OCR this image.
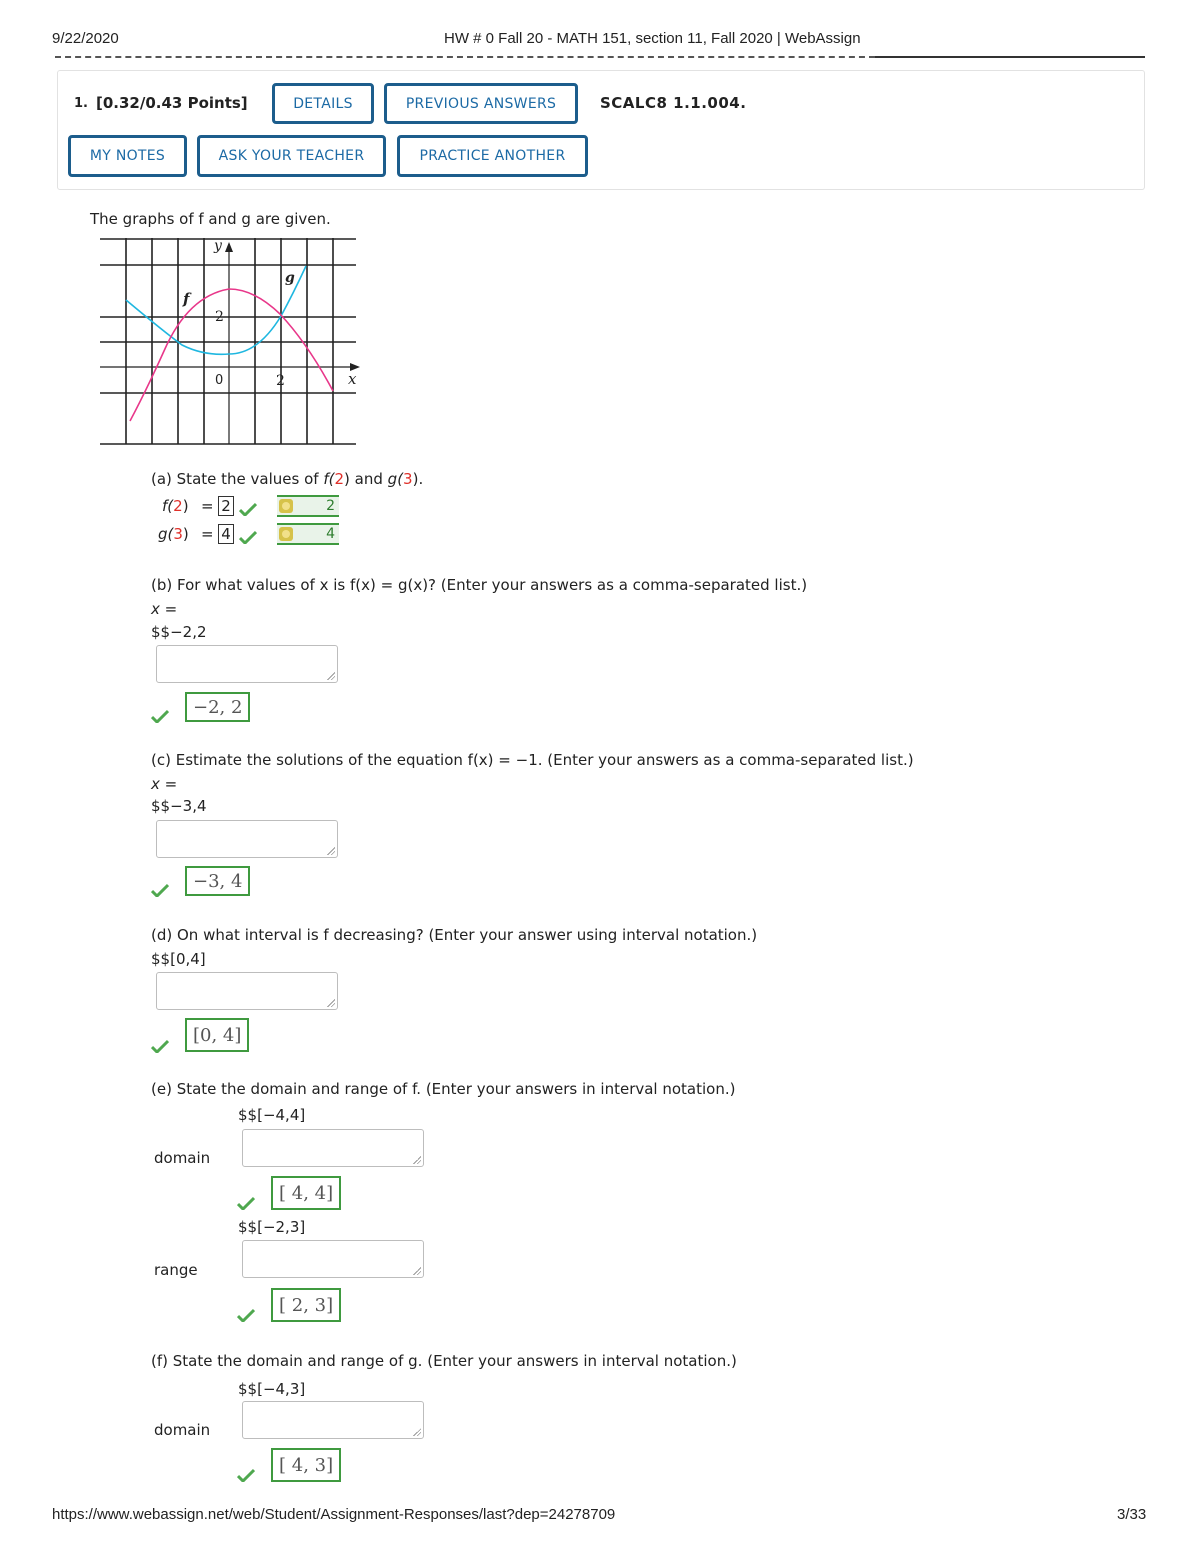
9/22/2020	HW # 0 Fall 20 - MATH 151, section 11, Fall 2020 | WebAssign
1. [0.32/0.43 Points]	DETAILS	PREVIOUS ANSWERS	SCALC8 1.1.004.
MY NOTES	ASK YOUR TEACHER	PRACTICE ANOTHER
The graphs of f and g are given.
y
x
f
g
2
0	2
(a) State the values of f(2) and g(3).
f(2) = 2	2
g(3) = 4	4
(b) For what values of x is f(x) = g(x)? (Enter your answers as a comma-separated list.)
x =
$$−2,2
−2, 2
(c) Estimate the solutions of the equation f(x) = −1. (Enter your answers as a comma-separated list.)
x =
$$−3,4
−3, 4
(d) On what interval is f decreasing? (Enter your answer using interval notation.)
$$[0,4]
[0, 4]
(e) State the domain and range of f. (Enter your answers in interval notation.)
$$[−4,4]
domain
[ 4, 4]
$$[−2,3]
range
[ 2, 3]
(f) State the domain and range of g. (Enter your answers in interval notation.)
$$[−4,3]
domain
[ 4, 3]
https://www.webassign.net/web/Student/Assignment-Responses/last?dep=24278709	3/33
